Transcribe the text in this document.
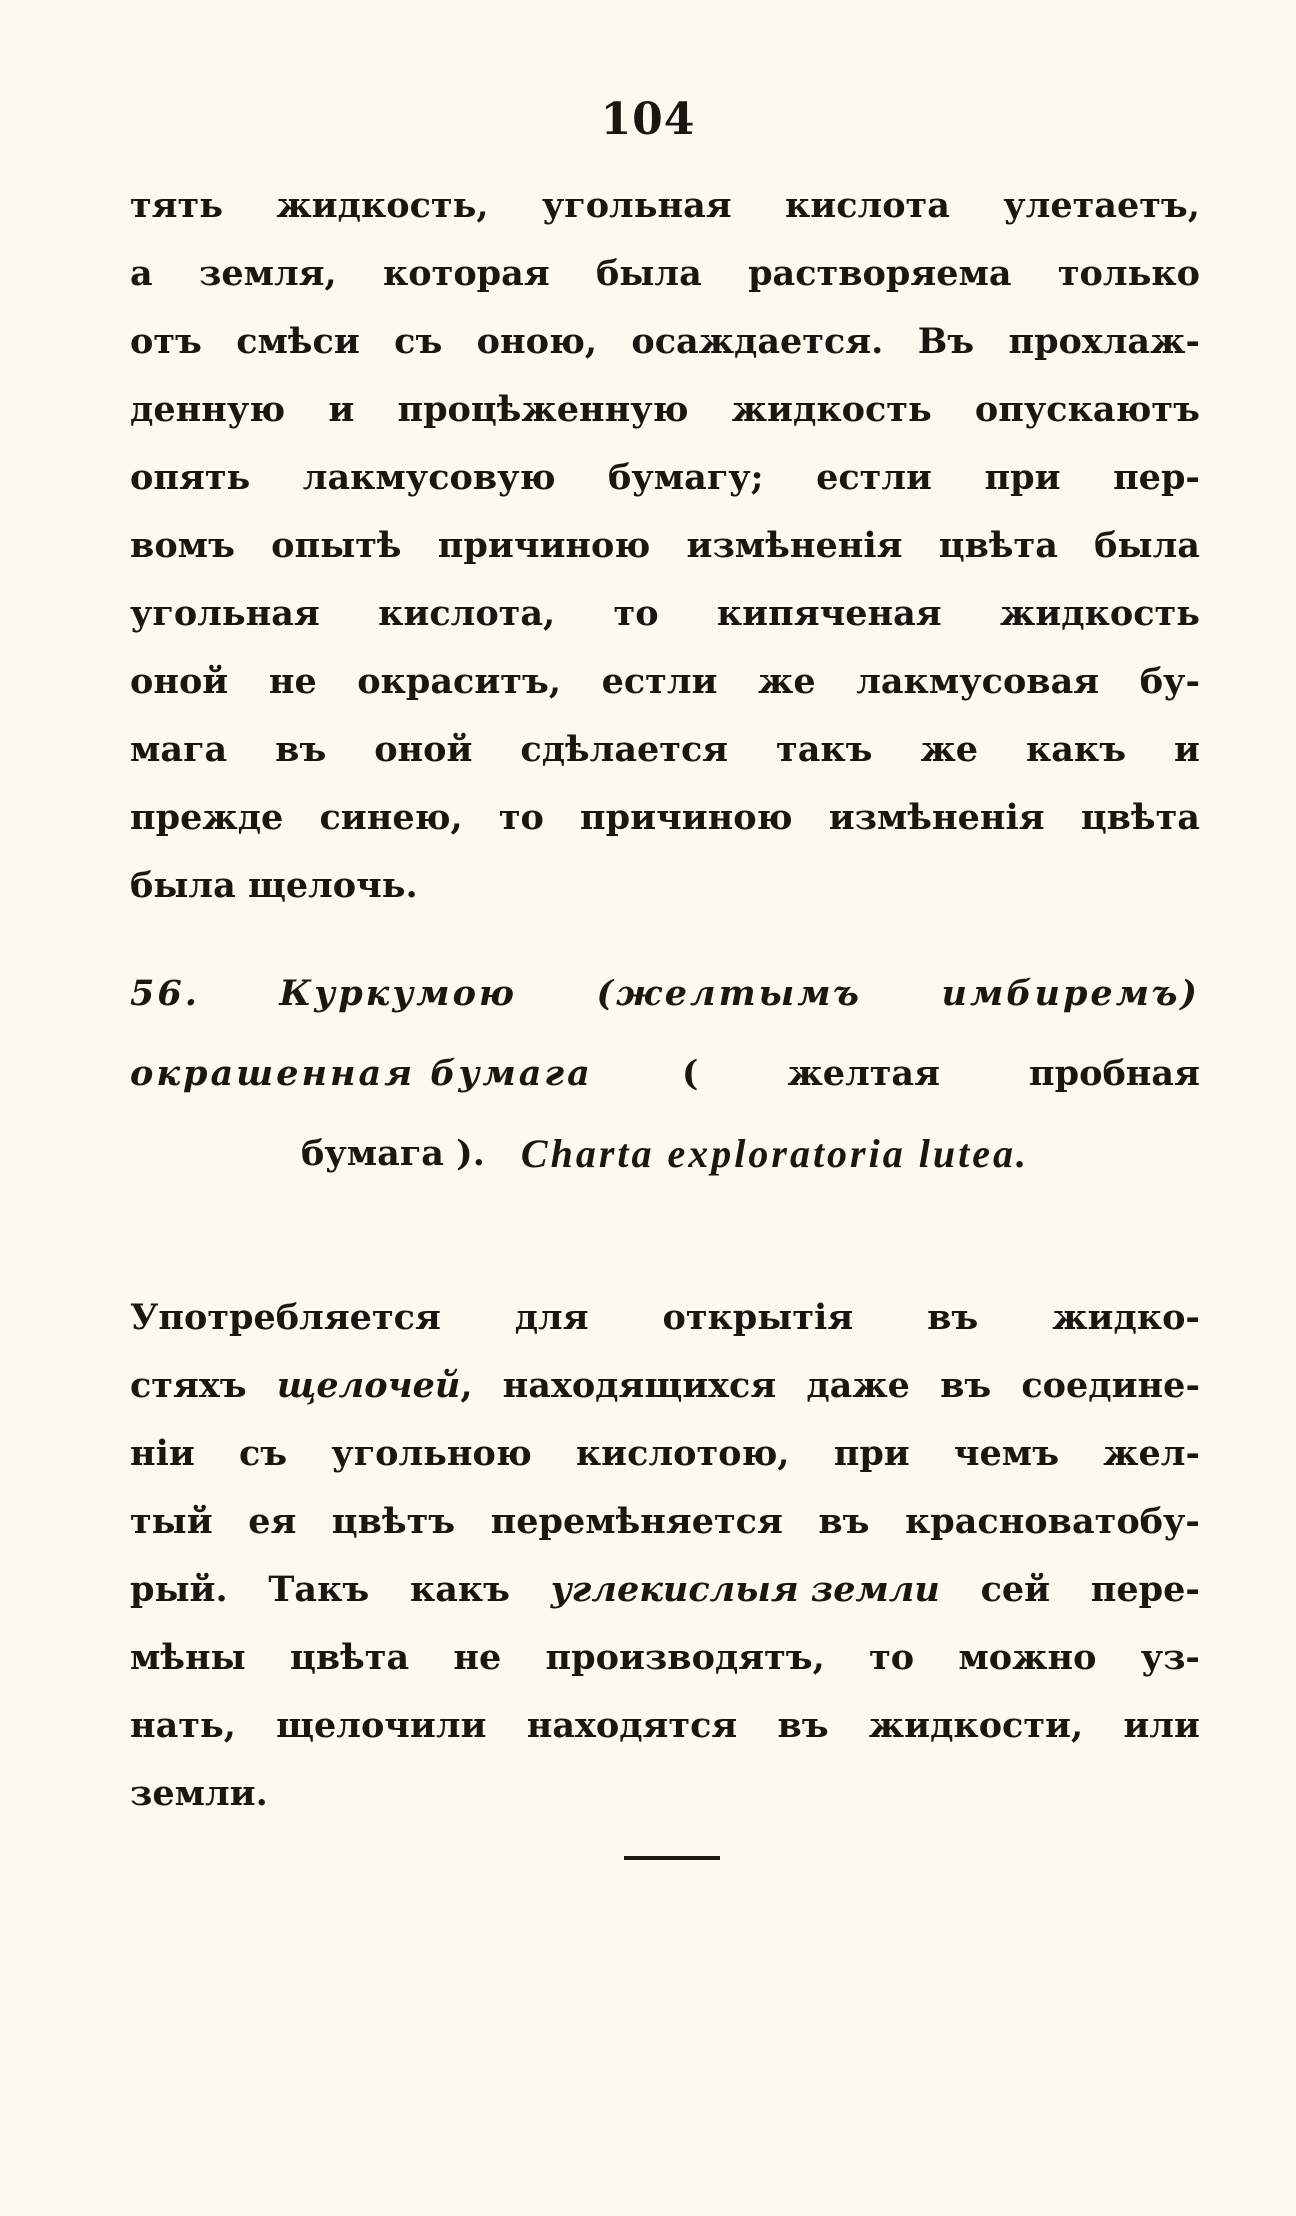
104
тять жидкость, угольная кислота улетаетъ,
а земля, которая была растворяема только
отъ смѣси съ оною, осаждается. Въ прохлаж-
денную и процѣженную жидкость опускаютъ
опять лакмусовую бумагу; естли при пер-
вомъ опытѣ причиною измѣненія цвѣта была
угольная кислота, то кипяченая жидкость
оной не окраситъ, естли же лакмусовая бу-
мага въ оной сдѣлается такъ же какъ и
прежде синею, то причиною измѣненія цвѣта
была щелочь.
56. Куркумою (желтымъ имбиремъ)
окрашенная бумага	(	желтая	пробная
бумага ). Charta exploratoria lutea.
Употребляется для открытія въ жидко-
стяхъ щелочей, находящихся даже въ соедине-
ніи съ угольною кислотою, при чемъ жел-
тый ея цвѣтъ перемѣняется въ красноватобу-
рый. Такъ какъ углекислыя земли сей пере-
мѣны цвѣта не производятъ, то можно уз-
нать, щелочили находятся въ жидкости, или
земли.
